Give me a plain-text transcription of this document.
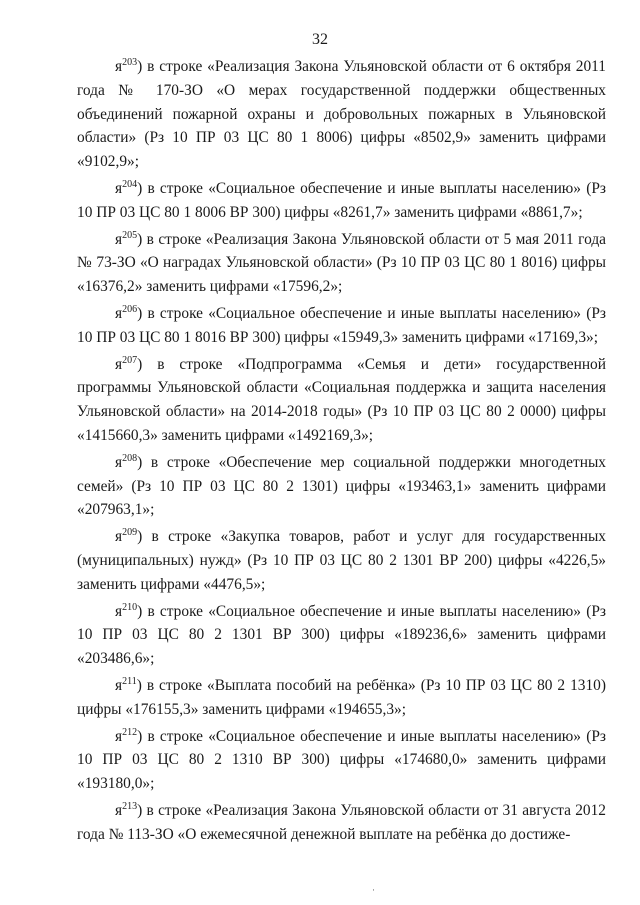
32

$я^{203}$) в строке «Реализация Закона Ульяновской области от 6 октября 2011 года № 170-ЗО «О мерах государственной поддержки общественных объединений пожарной охраны и добровольных пожарных в Ульяновской области» (Рз 10 ПР 03 ЦС 80 1 8006) цифры «8502,9» заменить цифрами «9102,9»;

$я^{204}$) в строке «Социальное обеспечение и иные выплаты населению» (Рз 10 ПР 03 ЦС 80 1 8006 ВР 300) цифры «8261,7» заменить цифрами «8861,7»;

$я^{205}$) в строке «Реализация Закона Ульяновской области от 5 мая 2011 года № 73-ЗО «О наградах Ульяновской области» (Рз 10 ПР 03 ЦС 80 1 8016) цифры «16376,2» заменить цифрами «17596,2»;

$я^{206}$) в строке «Социальное обеспечение и иные выплаты населению» (Рз 10 ПР 03 ЦС 80 1 8016 ВР 300) цифры «15949,3» заменить цифрами «17169,3»;

$я^{207}$) в строке «Подпрограмма «Семья и дети» государственной программы Ульяновской области «Социальная поддержка и защита населения Ульяновской области» на 2014-2018 годы» (Рз 10 ПР 03 ЦС 80 2 0000) цифры «1415660,3» заменить цифрами «1492169,3»;

$я^{208}$) в строке «Обеспечение мер социальной поддержки многодетных семей» (Рз 10 ПР 03 ЦС 80 2 1301) цифры «193463,1» заменить цифрами «207963,1»;

$я^{209}$) в строке «Закупка товаров, работ и услуг для государственных (муниципальных) нужд» (Рз 10 ПР 03 ЦС 80 2 1301 ВР 200) цифры «4226,5» заменить цифрами «4476,5»;

$я^{210}$) в строке «Социальное обеспечение и иные выплаты населению» (Рз 10 ПР 03 ЦС 80 2 1301 ВР 300) цифры «189236,6» заменить цифрами «203486,6»;

$я^{211}$) в строке «Выплата пособий на ребёнка» (Рз 10 ПР 03 ЦС 80 2 1310) цифры «176155,3» заменить цифрами «194655,3»;

$я^{212}$) в строке «Социальное обеспечение и иные выплаты населению» (Рз 10 ПР 03 ЦС 80 2 1310 ВР 300) цифры «174680,0» заменить цифрами «193180,0»;

$я^{213}$) в строке «Реализация Закона Ульяновской области от 31 августа 2012 года № 113-ЗО «О ежемесячной денежной выплате на ребёнка до достиже-

·
